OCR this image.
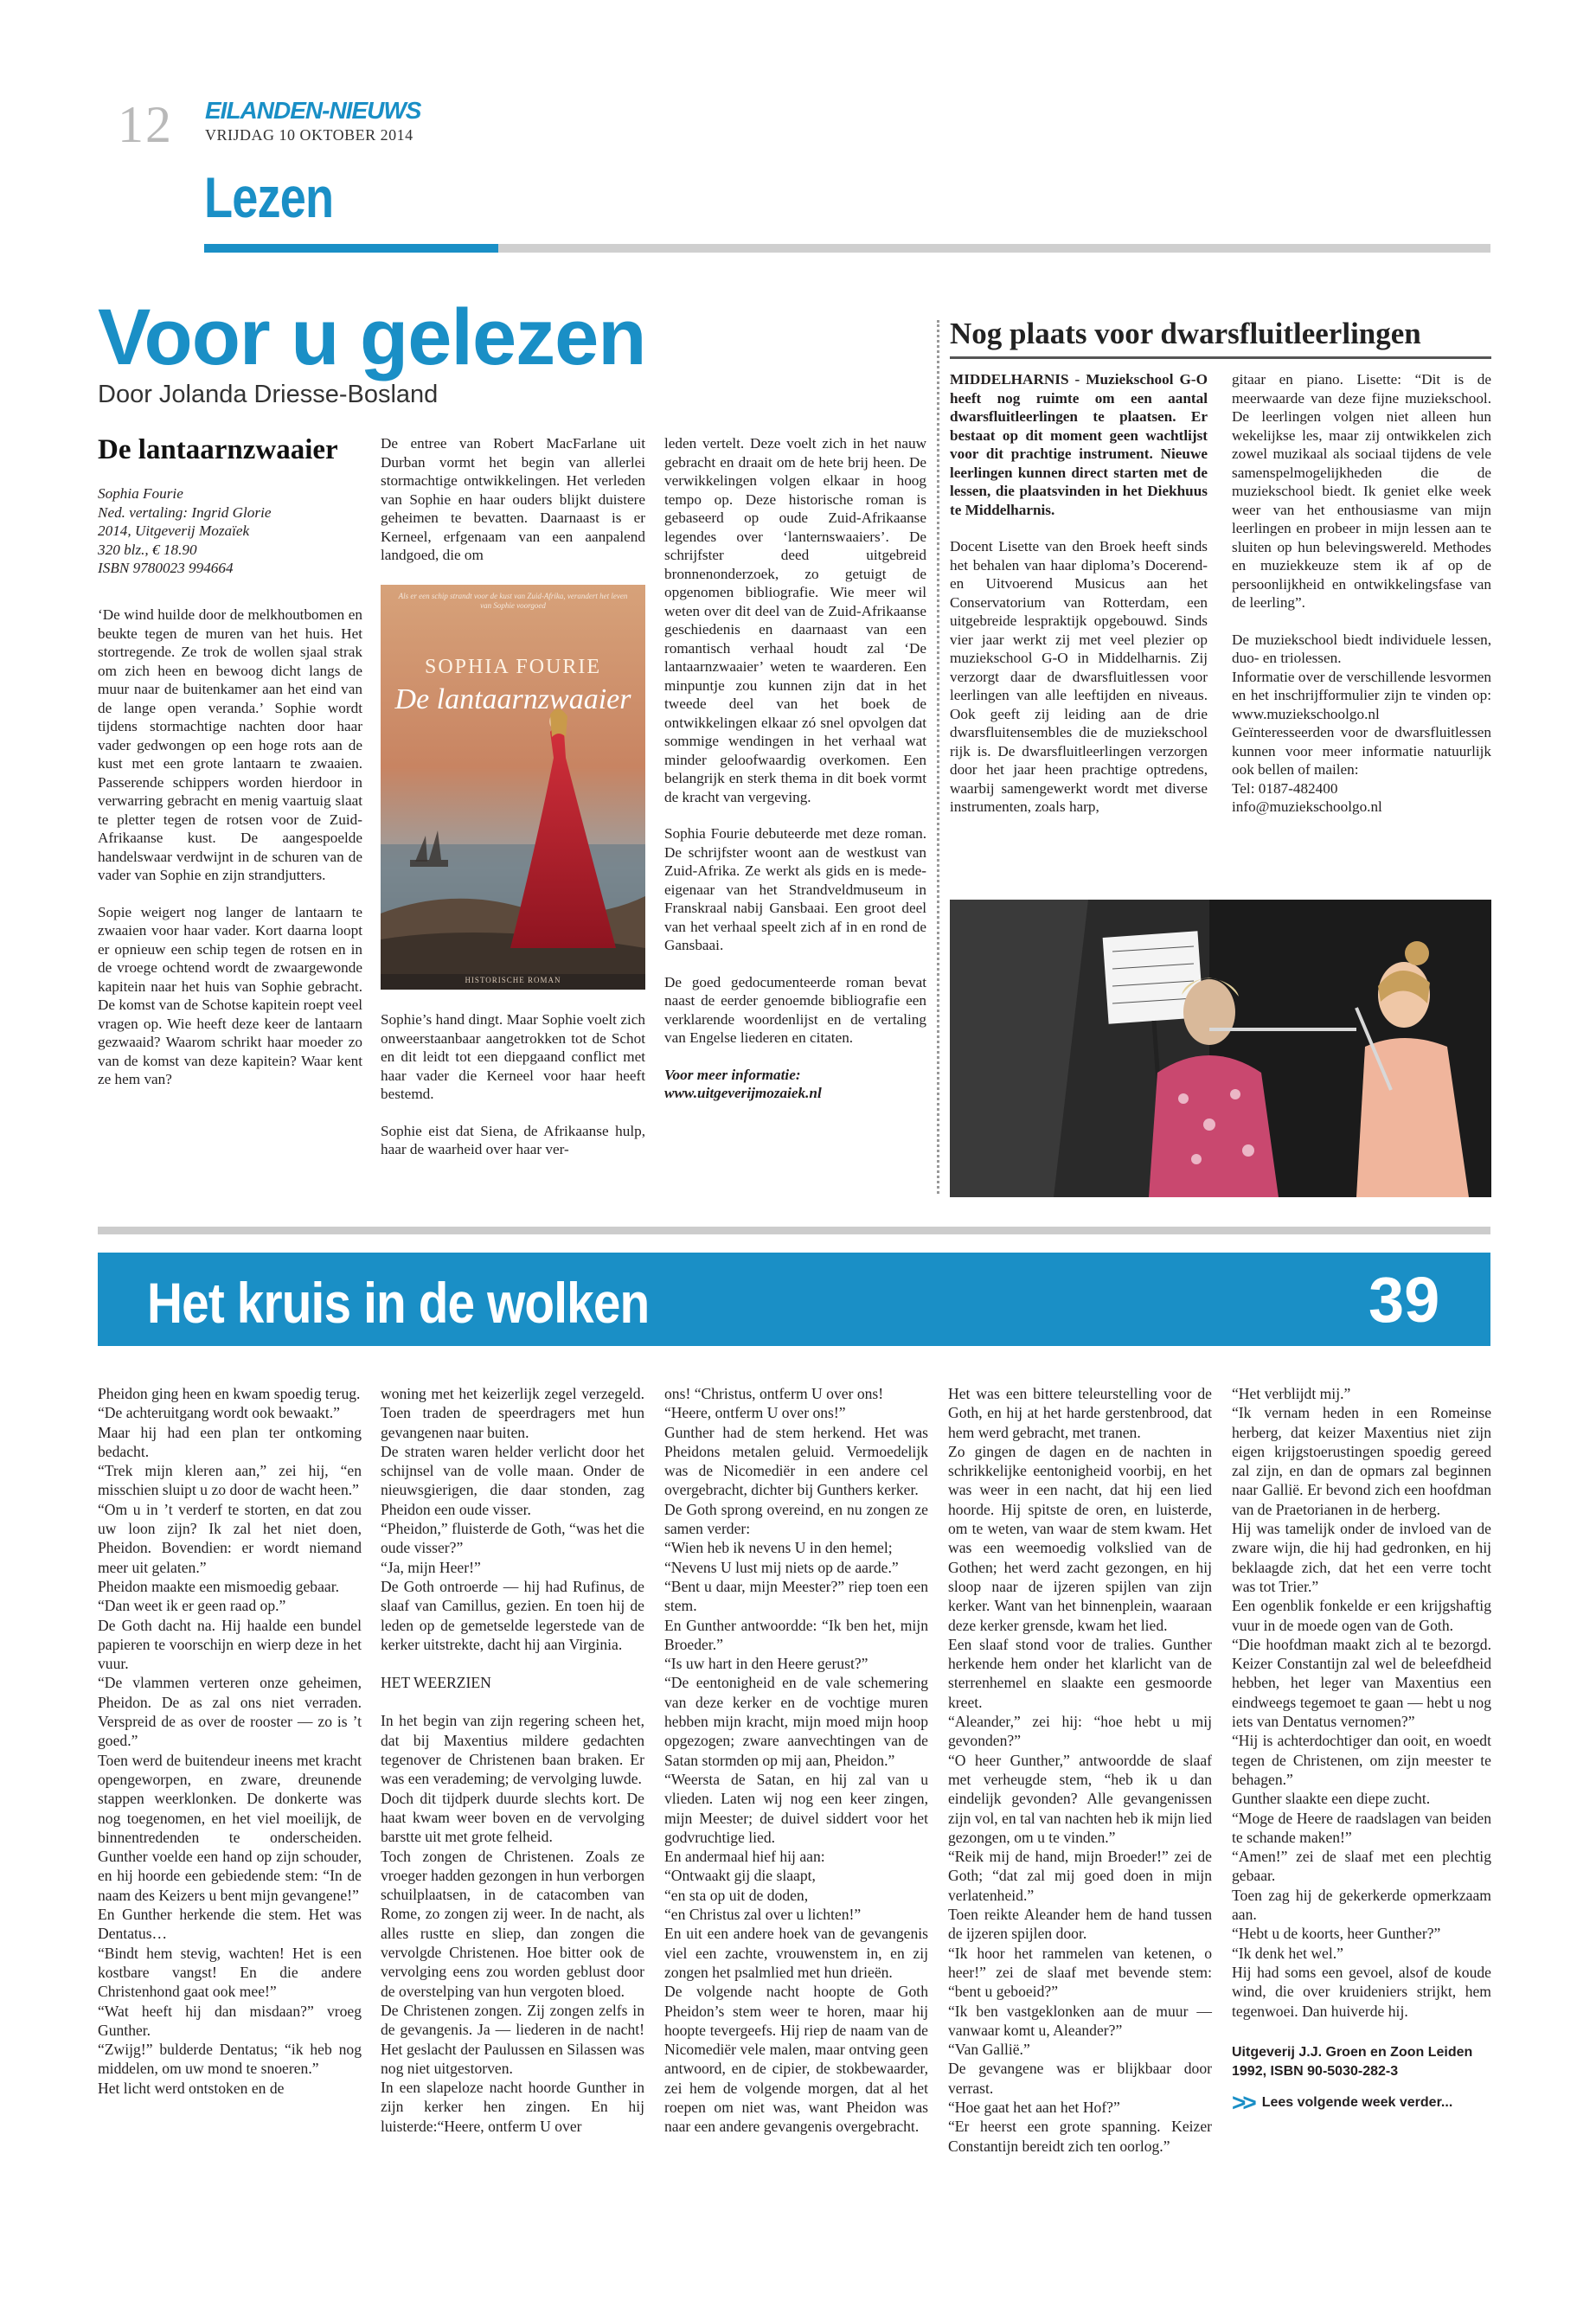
12 EILANDEN-NIEUWS
VRIJDAG 10 OKTOBER 2014
Lezen
Voor u gelezen
Door Jolanda Driesse-Bosland
De lantaarnzwaaier
Sophia Fourie
Ned. vertaling: Ingrid Glorie
2014, Uitgeverij Mozaïek
320 blz., € 18.90
ISBN 9780023 994664

‘De wind huilde door de melkhoutbomen en beukte tegen de muren van het huis. Het stortregende. Ze trok de wollen sjaal strak om zich heen en bewoog dicht langs de muur naar de buitenkamer aan het eind van de lange open veranda.’ Sophie wordt tijdens stormachtige nachten door haar vader gedwongen op een hoge rots aan de kust met een grote lantaarn te zwaaien. Passerende schippers worden hierdoor in verwarring gebracht en menig vaartuig slaat te pletter tegen de rotsen voor de Zuid-Afrikaanse kust. De aangespoelde handelswaar verdwijnt in de schuren van de vader van Sophie en zijn strandjutters.

Sopie weigert nog langer de lantaarn te zwaaien voor haar vader. Kort daarna loopt er opnieuw een schip tegen de rotsen en in de vroege ochtend wordt de zwaargewonde kapitein naar het huis van Sophie gebracht. De komst van de Schotse kapitein roept veel vragen op. Wie heeft deze keer de lantaarn gezwaaid? Waarom schrikt haar moeder zo van de komst van deze kapitein? Waar kent ze hem van?

De entree van Robert MacFarlane uit Durban vormt het begin van allerlei stormachtige ontwikkelingen. Het verleden van Sophie en haar ouders blijkt duistere geheimen te bevatten. Daarnaast is er Kerneel, erfgenaam van een aanpalend landgoed, die om

Als er een schip strandt voor de kust van Zuid-Afrika, verandert het leven van Sophie voorgoed
SOPHIA FOURIE
De lantaarnzwaaier
HISTORISCHE ROMAN

Sophie’s hand dingt. Maar Sophie voelt zich onweerstaanbaar aangetrokken tot de Schot en dit leidt tot een diepgaand conflict met haar vader die Kerneel voor haar heeft bestemd.

Sophie eist dat Siena, de Afrikaanse hulp, haar de waarheid over haar ver-

leden vertelt. Deze voelt zich in het nauw gebracht en draait om de hete brij heen. De verwikkelingen volgen elkaar in hoog tempo op. Deze historische roman is gebaseerd op oude Zuid-Afrikaanse legendes over ‘lanternswaaiers’. De schrijfster deed uitgebreid bronnenonderzoek, zo getuigt de opgenomen bibliografie. Wie meer wil weten over dit deel van de Zuid-Afrikaanse geschiedenis en daarnaast van een romantisch verhaal houdt zal ‘De lantaarnzwaaier’ weten te waarderen. Een minpuntje zou kunnen zijn dat in het tweede deel van het boek de ontwikkelingen elkaar zó snel opvolgen dat sommige wendingen in het verhaal wat minder geloofwaardig overkomen. Een belangrijk en sterk thema in dit boek vormt de kracht van vergeving.

Sophia Fourie debuteerde met deze roman. De schrijfster woont aan de westkust van Zuid-Afrika. Ze werkt als gids en is mede-eigenaar van het Strandveldmuseum in Franskraal nabij Gansbaai. Een groot deel van het verhaal speelt zich af in en rond de Gansbaai.

De goed gedocumenteerde roman bevat naast de eerder genoemde bibliografie een verklarende woordenlijst en de vertaling van Engelse liederen en citaten.

Voor meer informatie: www.uitgeverijmozaiek.nl

Nog plaats voor dwarsfluitleerlingen

MIDDELHARNIS - Muziekschool G-O heeft nog ruimte om een aantal dwarsfluitleerlingen te plaatsen. Er bestaat op dit moment geen wachtlijst voor dit prachtige instrument. Nieuwe leerlingen kunnen direct starten met de lessen, die plaatsvinden in het Diekhuus te Middelharnis.

Docent Lisette van den Broek heeft sinds het behalen van haar diploma’s Docerend-en Uitvoerend Musicus aan het Conservatorium van Rotterdam, een uitgebreide lespraktijk opgebouwd. Sinds vier jaar werkt zij met veel plezier op muziekschool G-O in Middelharnis. Zij verzorgt daar de dwarsfluitlessen voor leerlingen van alle leeftijden en niveaus. Ook geeft zij leiding aan de drie dwarsfluitensembles die de muziekschool rijk is. De dwarsfluitleerlingen verzorgen door het jaar heen prachtige optredens, waarbij samengewerkt wordt met diverse instrumenten, zoals harp,

gitaar en piano. Lisette: “Dit is de meerwaarde van deze fijne muziekschool. De leerlingen volgen niet alleen hun wekelijkse les, maar zij ontwikkelen zich zowel muzikaal als sociaal tijdens de vele samenspelmogelijkheden die de muziekschool biedt. Ik geniet elke week weer van het enthousiasme van mijn leerlingen en probeer in mijn lessen aan te sluiten op hun belevingswereld. Methodes en muziekkeuze stem ik af op de persoonlijkheid en ontwikkelingsfase van de leerling”.

De muziekschool biedt individuele lessen, duo- en triolessen.
Informatie over de verschillende lesvormen en het inschrijfformulier zijn te vinden op: www.muziekschoolgo.nl
Geïnteresseerden voor de dwarsfluitlessen kunnen voor meer informatie natuurlijk ook bellen of mailen:
Tel: 0187-482400
info@muziekschoolgo.nl
Het kruis in de wolken	39

Pheidon ging heen en kwam spoedig terug.

“De achteruitgang wordt ook bewaakt.”

Maar hij had een plan ter ontkoming bedacht.

“Trek mijn kleren aan,” zei hij, “en misschien sluipt u zo door de wacht heen.”

“Om u in ’t verderf te storten, en dat zou uw loon zijn? Ik zal het niet doen, Pheidon. Bovendien: er wordt niemand meer uit gelaten.”

Pheidon maakte een mismoedig gebaar.

“Dan weet ik er geen raad op.”

De Goth dacht na. Hij haalde een bundel papieren te voorschijn en wierp deze in het vuur.

“De vlammen verteren onze geheimen, Pheidon. De as zal ons niet verraden. Verspreid de as over de rooster — zo is ’t goed.”

Toen werd de buitendeur ineens met kracht opengeworpen, en zware, dreunende stappen weerklonken. De donkerte was nog toegenomen, en het viel moeilijk, de binnentredenden te onderscheiden. Gunther voelde een hand op zijn schouder, en hij hoorde een gebiedende stem: “In de naam des Keizers u bent mijn gevangene!”

En Gunther herkende die stem. Het was Dentatus…

“Bindt hem stevig, wachten! Het is een kostbare vangst! En die andere Christenhond gaat ook mee!”

“Wat heeft hij dan misdaan?” vroeg Gunther.

“Zwijg!” bulderde Dentatus; “ik heb nog middelen, om uw mond te snoeren.”

Het licht werd ontstoken en de

woning met het keizerlijk zegel verzegeld. Toen traden de speerdragers met hun gevangenen naar buiten.

De straten waren helder verlicht door het schijnsel van de volle maan. Onder de nieuwsgierigen, die daar stonden, zag Pheidon een oude visser.

“Pheidon,” fluisterde de Goth, “was het die oude visser?”

“Ja, mijn Heer!”

De Goth ontroerde — hij had Rufinus, de slaaf van Camillus, gezien. En toen hij de leden op de gemetselde legerstede van de kerker uitstrekte, dacht hij aan Virginia.

HET WEERZIEN

In het begin van zijn regering scheen het, dat bij Maxentius mildere gedachten tegenover de Christenen baan braken. Er was een verademing; de vervolging luwde.

Doch dit tijdperk duurde slechts kort. De haat kwam weer boven en de vervolging barstte uit met grote felheid.

Toch zongen de Christenen. Zoals ze vroeger hadden gezongen in hun verborgen schuilplaatsen, in de catacomben van Rome, zo zongen zij weer. In de nacht, als alles rustte en sliep, dan zongen die vervolgde Christenen. Hoe bitter ook de vervolging eens zou worden geblust door de overstelping van hun vergoten bloed.

De Christenen zongen. Zij zongen zelfs in de gevangenis. Ja — liederen in de nacht! Het geslacht der Paulussen en Silassen was nog niet uitgestorven.

In een slapeloze nacht hoorde Gunther in zijn kerker hen zingen. En hij luisterde:“Heere, ontferm U over

ons! “Christus, ontferm U over ons!

“Heere, ontferm U over ons!”

Gunther had de stem herkend. Het was Pheidons metalen geluid. Vermoedelijk was de Nicomediër in een andere cel overgebracht, dichter bij Gunthers kerker.

De Goth sprong overeind, en nu zongen ze samen verder:

“Wien heb ik nevens U in den hemel;

“Nevens U lust mij niets op de aarde.”

“Bent u daar, mijn Meester?” riep toen een stem.

En Gunther antwoordde: “Ik ben het, mijn Broeder.”

“Is uw hart in den Heere gerust?”

“De eentonigheid en de vale schemering van deze kerker en de vochtige muren hebben mijn kracht, mijn moed mijn hoop opgezogen; zware aanvechtingen van de Satan stormden op mij aan, Pheidon.”

“Weersta de Satan, en hij zal van u vlieden. Laten wij nog een keer zingen, mijn Meester; de duivel siddert voor het godvruchtige lied.

En andermaal hief hij aan:

“Ontwaakt gij die slaapt,

“en sta op uit de doden,

“en Christus zal over u lichten!”

En uit een andere hoek van de gevangenis viel een zachte, vrouwenstem in, en zij zongen het psalmlied met hun drieën.

De volgende nacht hoopte de Goth Pheidon’s stem weer te horen, maar hij hoopte tevergeefs. Hij riep de naam van de Nicomediër vele malen, maar ontving geen antwoord, en de cipier, de stokbewaarder, zei hem de volgende morgen, dat al het roepen om niet was, want Pheidon was naar een andere gevangenis overgebracht.

Het was een bittere teleurstelling voor de Goth, en hij at het harde gerstenbrood, dat hem werd gebracht, met tranen.

Zo gingen de dagen en de nachten in schrikkelijke eentonigheid voorbij, en het was weer in een nacht, dat hij een lied hoorde. Hij spitste de oren, en luisterde, om te weten, van waar de stem kwam. Het was een weemoedig volkslied van de Gothen; het werd zacht gezongen, en hij sloop naar de ijzeren spijlen van zijn kerker. Want van het binnenplein, waaraan deze kerker grensde, kwam het lied.

Een slaaf stond voor de tralies. Gunther herkende hem onder het klarlicht van de sterrenhemel en slaakte een gesmoorde kreet.

“Aleander,” zei hij: “hoe hebt u mij gevonden?”

“O heer Gunther,” antwoordde de slaaf met verheugde stem, “heb ik u dan eindelijk gevonden? Alle gevangenissen zijn vol, en tal van nachten heb ik mijn lied gezongen, om u te vinden.”

“Reik mij de hand, mijn Broeder!” zei de Goth; “dat zal mij goed doen in mijn verlatenheid.”

Toen reikte Aleander hem de hand tussen de ijzeren spijlen door.

“Ik hoor het rammelen van ketenen, o heer!” zei de slaaf met bevende stem: “bent u geboeid?”

“Ik ben vastgeklonken aan de muur — vanwaar komt u, Aleander?”

“Van Gallië.”

De gevangene was er blijkbaar door verrast.

“Hoe gaat het aan het Hof?”

“Er heerst een grote spanning. Keizer Constantijn bereidt zich ten oorlog.”

“Het verblijdt mij.”

“Ik vernam heden in een Romeinse herberg, dat keizer Maxentius niet zijn eigen krijgstoerustingen spoedig gereed zal zijn, en dan de opmars zal beginnen naar Gallië. Er bevond zich een hoofdman van de Praetorianen in de herberg.

Hij was tamelijk onder de invloed van de zware wijn, die hij had gedronken, en hij beklaagde zich, dat het een verre tocht was tot Trier.”

Een ogenblik fonkelde er een krijgshaftig vuur in de moede ogen van de Goth.

“Die hoofdman maakt zich al te bezorgd. Keizer Constantijn zal wel de beleefdheid hebben, het leger van Maxentius een eindweegs tegemoet te gaan — hebt u nog iets van Dentatus vernomen?”

“Hij is achterdochtiger dan ooit, en woedt tegen de Christenen, om zijn meester te behagen.”

Gunther slaakte een diepe zucht.

“Moge de Heere de raadslagen van beiden te schande maken!”

“Amen!” zei de slaaf met een plechtig gebaar.

Toen zag hij de gekerkerde opmerkzaam aan.

“Hebt u de koorts, heer Gunther?”

“Ik denk het wel.”

Hij had soms een gevoel, alsof de koude wind, die over kruideniers strijkt, hem tegenwoei. Dan huiverde hij.

Uitgeverij J.J. Groen en Zoon Leiden
1992, ISBN 90-5030-282-3
>> Lees volgende week verder...
